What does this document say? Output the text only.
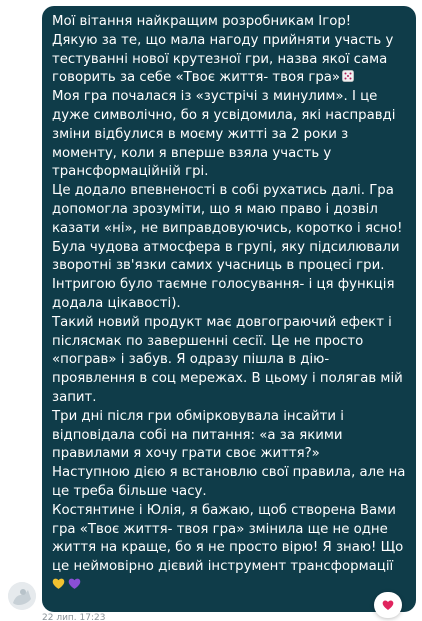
Мої вітання найкращим розробникам Ігор!
Дякую за те, що мала нагоду прийняти участь у
тестуванні нової крутезної гри, назва якої сама
говорить за себе «Твоє життя- твоя гра»
Моя гра почалася із «зустрічі з минулим». І це
дуже символічно, бо я усвідомила, які насправді
зміни відбулися в моєму житті за 2 роки з
моменту, коли я вперше взяла участь у
трансформаційній грі.
Це додало впевненості в собі рухатись далі. Гра
допомогла зрозуміти, що я маю право і дозвіл
казати «ні», не виправдовуючись, коротко і ясно!
Була чудова атмосфера в групі, яку підсилювали
зворотні зв'язки самих учасниць в процесі гри.
Інтригою було таємне голосування- і ця функція
додала цікавості).
Такий новий продукт має довгограючий ефект і
післясмак по завершенні сесії. Це не просто
«пограв» і забув. Я одразу пішла в дію-
проявлення в соц мережах. В цьому і полягав мій
запит.
Три дні після гри обмірковувала інсайти і
відповідала собі на питання: «а за якими
правилами я хочу грати своє життя?»
Наступною дією я встановлю свої правила, але на
це треба більше часу.
Костянтине і Юлія, я бажаю, щоб створена Вами
гра «Твоє життя- твоя гра» змінила ще не одне
життя на краще, бо я не просто вірю! Я знаю! Що
це неймовірно дієвий інструмент трансформації
22 лип. 17:23
